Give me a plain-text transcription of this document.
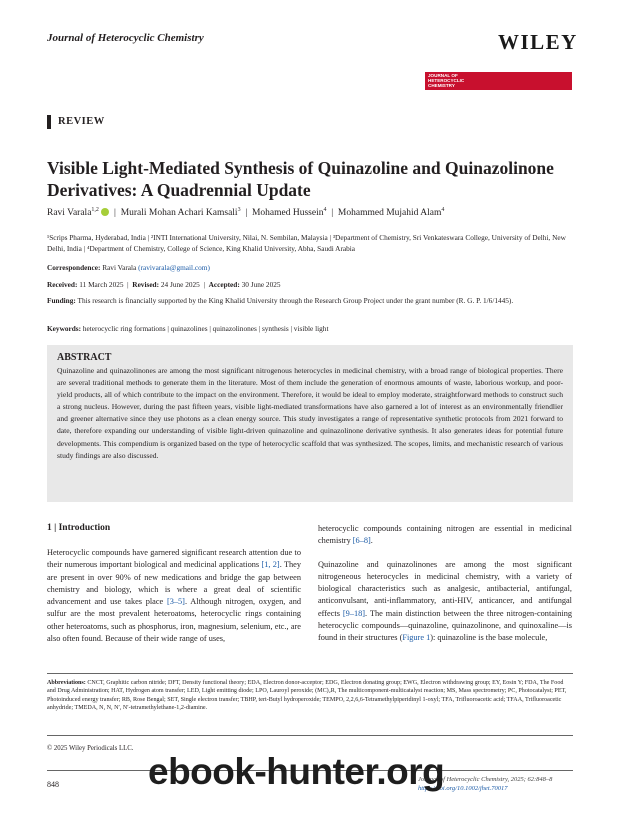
Journal of Heterocyclic Chemistry	WILEY
JOURNAL OF HETEROCYCLIC CHEMISTRY
REVIEW
Visible Light-Mediated Synthesis of Quinazoline and Quinazolinone Derivatives: A Quadrennial Update
Ravi Varala$^{1,2}$   |  Murali Mohan Achari Kamsali$^3$  |  Mohamed Hussein$^4$  |  Mohammed Mujahid Alam$^4$
¹Scrips Pharma, Hyderabad, India | ²INTI International University, Nilai, N. Sembilan, Malaysia | ³Department of Chemistry, Sri Venkateswara College, University of Delhi, New Delhi, India | ⁴Department of Chemistry, College of Science, King Khalid University, Abha, Saudi Arabia
Correspondence: Ravi Varala (ravivarala@gmail.com)
Received: 11 March 2025  |  Revised: 24 June 2025  |  Accepted: 30 June 2025
Funding: This research is financially supported by the King Khalid University through the Research Group Project under the grant number (R. G. P. 1/6/1445).
Keywords: heterocyclic ring formations | quinazolines | quinazolinones | synthesis | visible light
ABSTRACT
Quinazoline and quinazolinones are among the most significant nitrogenous heterocycles in medicinal chemistry, with a broad range of biological properties. There are several traditional methods to generate them in the literature. Most of them include the generation of enormous amounts of waste, laborious workup, and poor-yield products, all of which contribute to the impact on the environment. Therefore, it would be ideal to employ moderate, straightforward methods to construct such a strong nucleus. However, during the past fifteen years, visible light-mediated transformations have also garnered a lot of interest as an environmentally friendlier and greener alternative since they use photons as a clean energy source. This study investigates a range of representative synthetic protocols from 2021 forward to date, therefore expanding our understanding of visible light-driven quinazoline and quinazolinone derivative synthesis. It also generates ideas for potential future developments. This compendium is organized based on the type of heterocyclic scaffold that was synthesized. The scopes, limits, and mechanistic research of various study findings are also discussed.
1 | Introduction
Heterocyclic compounds have garnered significant research attention due to their numerous important biological and medicinal applications [1, 2]. They are present in over 90% of new medications and bridge the gap between chemistry and biology, which is where a great deal of scientific advancement and use takes place [3–5]. Although nitrogen, oxygen, and sulfur are the most prevalent heteroatoms, heterocyclic rings containing other heteroatoms, such as phosphorus, iron, magnesium, selenium, etc., are also often found. Because of their wide range of uses,
heterocyclic compounds containing nitrogen are essential in medicinal chemistry [6–8].
Quinazoline and quinazolinones are among the most significant nitrogeneous heterocycles in medicinal chemistry, with a variety of biological characteristics such as analgesic, antibacterial, antifungal, anticonvulsant, anti-inflammatory, anti-HIV, anticancer, and antifungal effects [9–18]. The main distinction between the three nitrogen-containing heterocyclic compounds—quinazoline, quinazolinone, and quinoxaline—is found in their structures (Figure 1): quinazoline is the base molecule,
Abbreviations: CNCT, Graphitic carbon nitride; DFT, Density functional theory; EDA, Electron donor-acceptor; EDG, Electron donating group; EWG, Electron withdrawing group; EY, Eosin Y; FDA, The Food and Drug Administration; HAT, Hydrogen atom transfer; LED, Light emitting diode; LPO, Lauroyl peroxide; (MC)₂R, The multicomponent-multicatalyst reaction; MS, Mass spectrometry; PC, Photocatalyst; PET, Photoinduced energy transfer; RB, Rose Bengal; SET, Single electron transfer; TBHP, tert-Butyl hydroperoxide; TEMPO, 2,2,6,6-Tetramethylpiperidinyl 1-oxyl; TFA, Trifluoroacetic acid; TFAA, Trifluoroacetic anhydride; TMEDA, N, N, N′, N′-tetramethylethane-1,2-diamine.
© 2025 Wiley Periodicals LLC.
848
Journal of Heterocyclic Chemistry, 2025; 62:848–8
https://doi.org/10.1002/jhet.70017
ebook-hunter.org
